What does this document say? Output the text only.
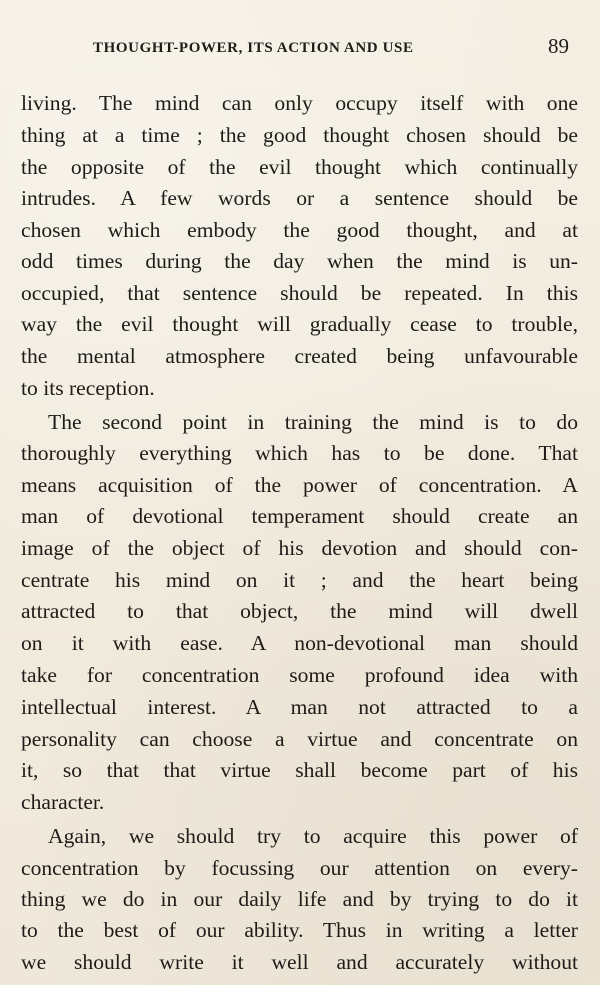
THOUGHT-POWER, ITS ACTION AND USE	89
living. The mind can only occupy itself with one
thing at a time ; the good thought chosen should be
the opposite of the evil thought which continually
intrudes. A few words or a sentence should be
chosen which embody the good thought, and at
odd times during the day when the mind is un-
occupied, that sentence should be repeated. In this
way the evil thought will gradually cease to trouble,
the mental atmosphere created being unfavourable
to its reception.
The second point in training the mind is to do
thoroughly everything which has to be done. That
means acquisition of the power of concentration. A
man of devotional temperament should create an
image of the object of his devotion and should con-
centrate his mind on it ; and the heart being
attracted to that object, the mind will dwell
on it with ease. A non-devotional man should
take for concentration some profound idea with
intellectual interest. A man not attracted to a
personality can choose a virtue and concentrate on
it, so that that virtue shall become part of his
character.
Again, we should try to acquire this power of
concentration by focussing our attention on every-
thing we do in our daily life and by trying to do it
to the best of our ability. Thus in writing a letter
we should write it well and accurately without
